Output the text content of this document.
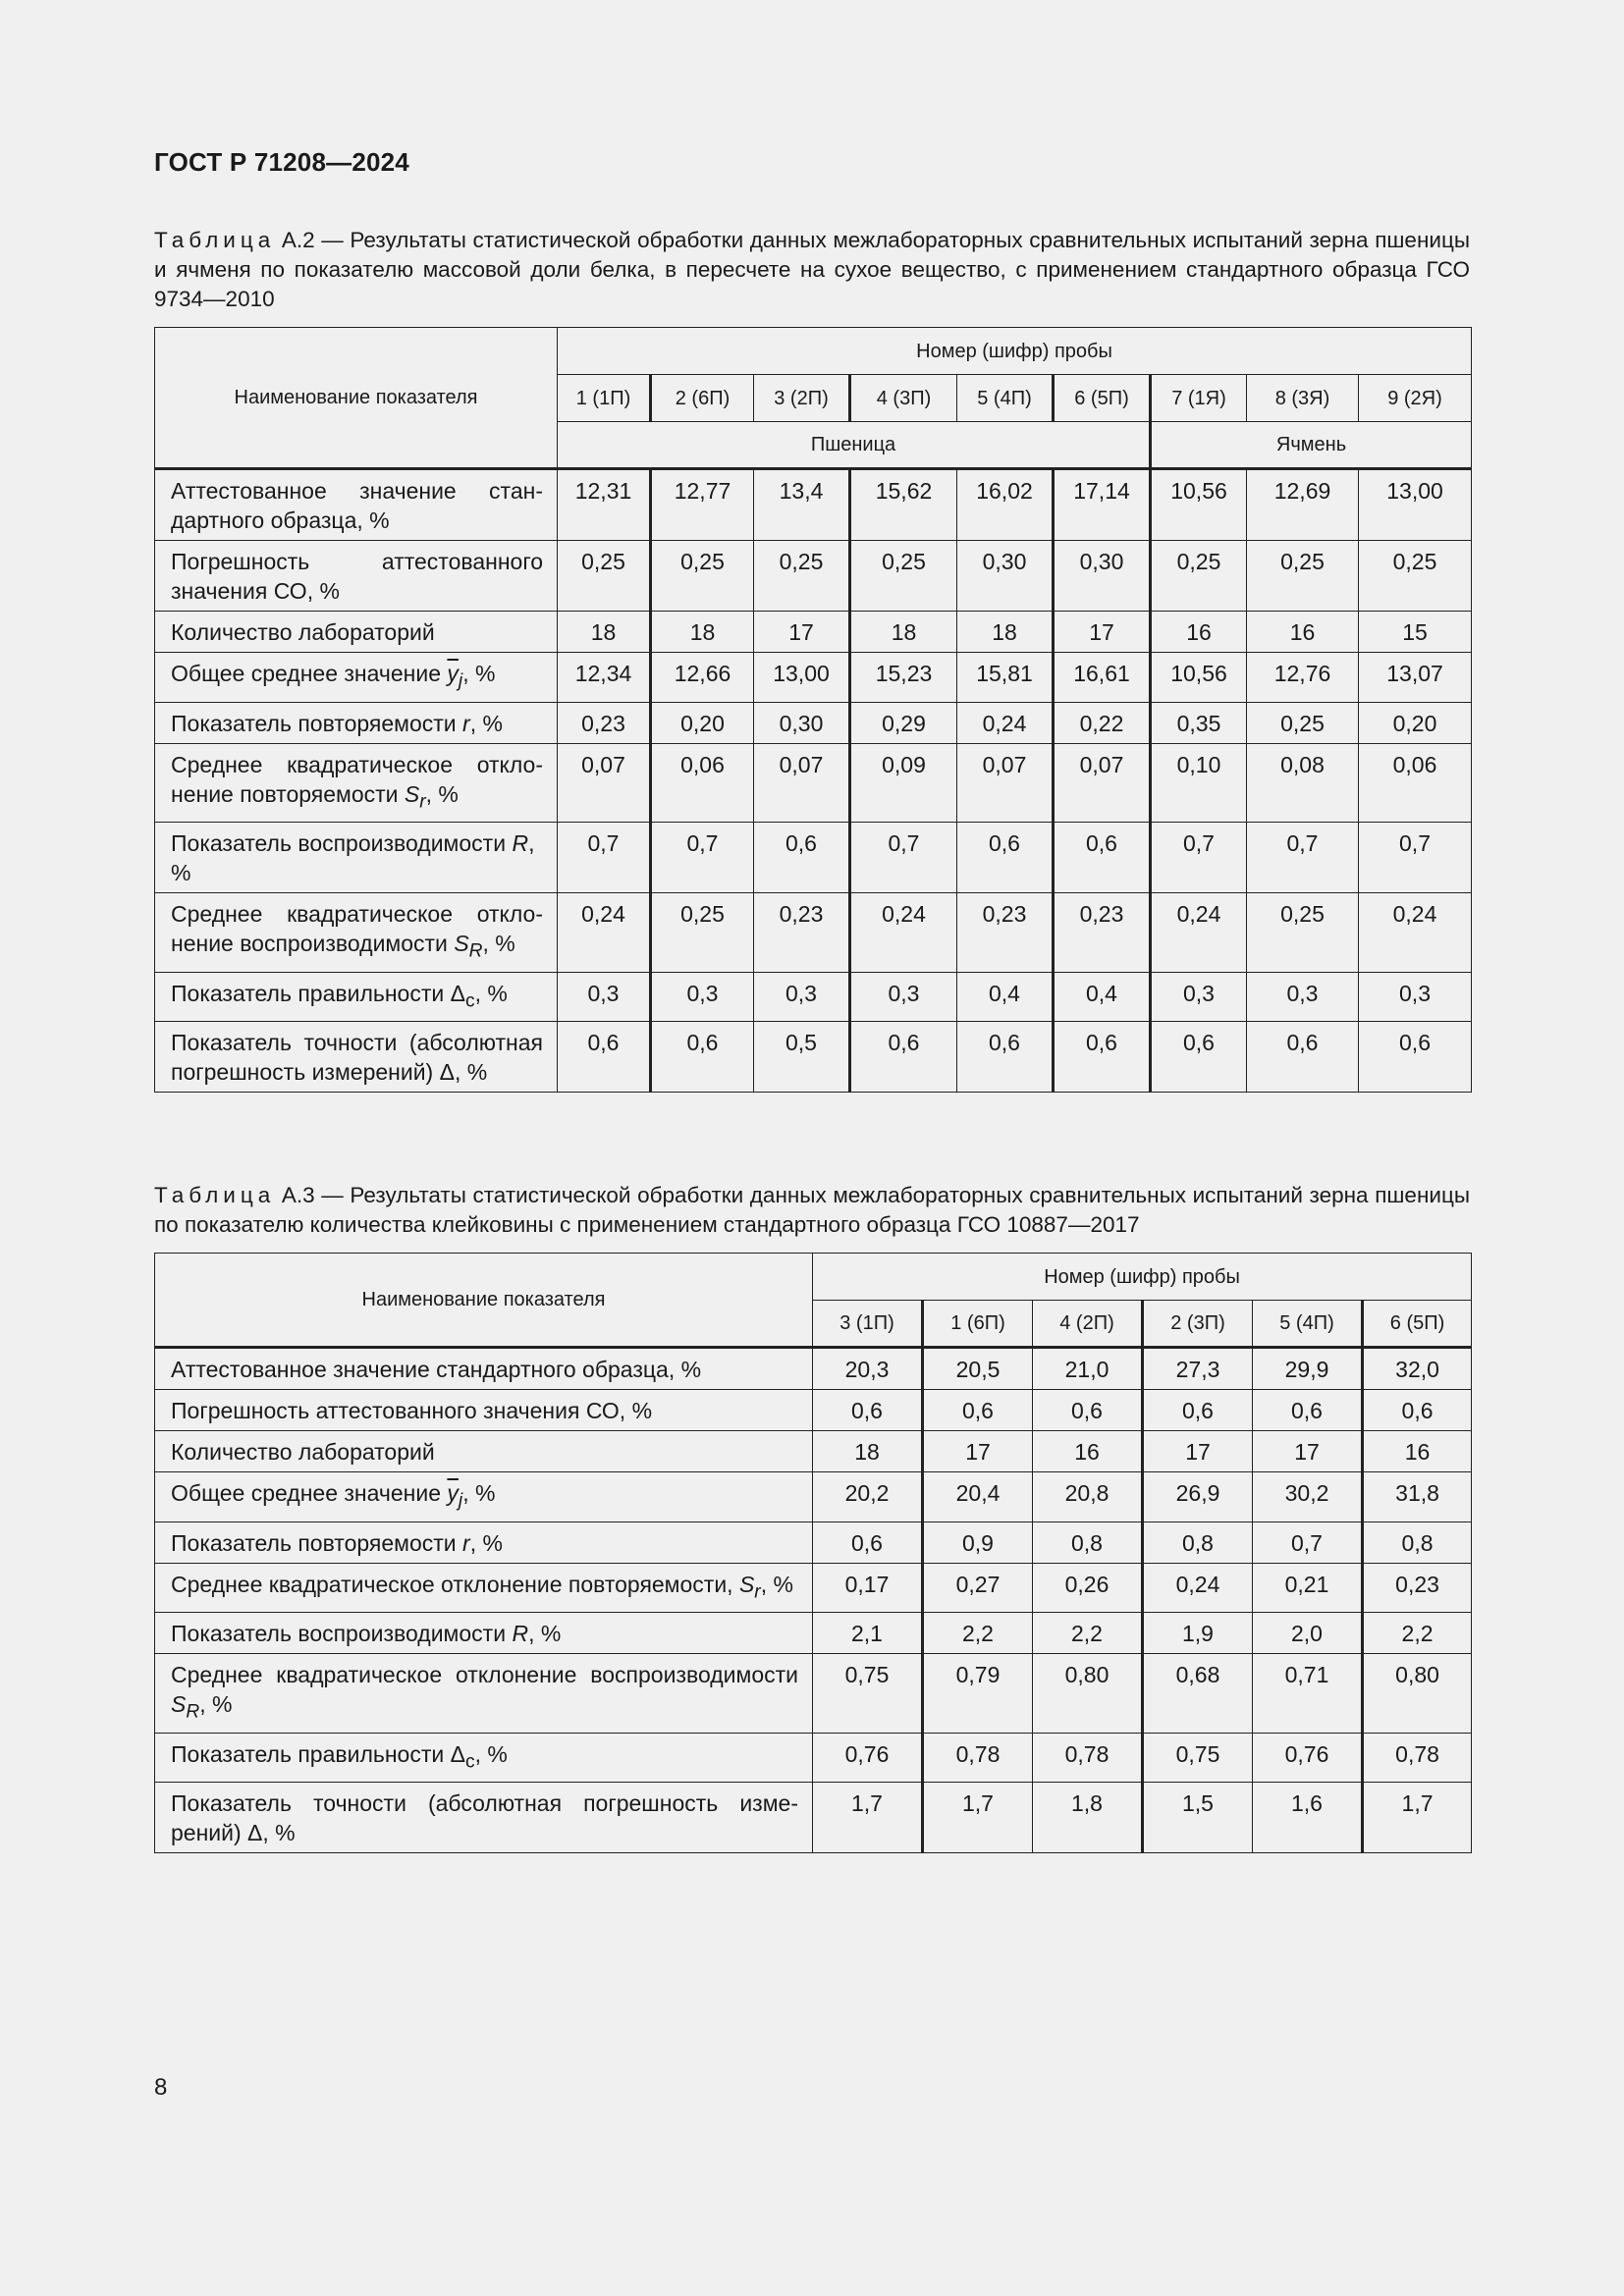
ГОСТ Р 71208—2024
Таблица А.2 — Результаты статистической обработки данных межлабораторных сравнительных испытаний зерна пшеницы и ячменя по показателю массовой доли белка, в пересчете на сухое вещество, с применением стандартного образца ГСО 9734—2010
Наименование показателя	Номер (шифр) пробы								
	1 (1П)	2 (6П)	3 (2П)	4 (3П)	5 (4П)	6 (5П)	7 (1Я)	8 (3Я)	9 (2Я)
	Пшеница						Ячмень		
Аттестованное значение стандартного образца, %	12,31	12,77	13,4	15,62	16,02	17,14	10,56	12,69	13,00
Погрешность аттестованного значения СО, %	0,25	0,25	0,25	0,25	0,30	0,30	0,25	0,25	0,25
Количество лабораторий	18	18	17	18	18	17	16	16	15
Общее среднее значение $\overline{y}_j$, %	12,34	12,66	13,00	15,23	15,81	16,61	10,56	12,76	13,07
Показатель повторяемости r, %	0,23	0,20	0,30	0,29	0,24	0,22	0,35	0,25	0,20
Среднее квадратическое отклонение повторяемости $S_r$, %	0,07	0,06	0,07	0,09	0,07	0,07	0,10	0,08	0,06
Показатель воспроизводимости R, %	0,7	0,7	0,6	0,7	0,6	0,6	0,7	0,7	0,7
Среднее квадратическое отклонение воспроизводимости $S_R$, %	0,24	0,25	0,23	0,24	0,23	0,23	0,24	0,25	0,24
Показатель правильности $\Delta_c$, %	0,3	0,3	0,3	0,3	0,4	0,4	0,3	0,3	0,3
Показатель точности (абсолютная погрешность измерений) Δ, %	0,6	0,6	0,5	0,6	0,6	0,6	0,6	0,6	0,6
Таблица А.3 — Результаты статистической обработки данных межлабораторных сравнительных испытаний зерна пшеницы по показателю количества клейковины с применением стандартного образца ГСО 10887—2017
Наименование показателя	Номер (шифр) пробы					
	3 (1П)	1 (6П)	4 (2П)	2 (3П)	5 (4П)	6 (5П)
Аттестованное значение стандартного образца, %	20,3	20,5	21,0	27,3	29,9	32,0
Погрешность аттестованного значения СО, %	0,6	0,6	0,6	0,6	0,6	0,6
Количество лабораторий	18	17	16	17	17	16
Общее среднее значение $\overline{y}_j$, %	20,2	20,4	20,8	26,9	30,2	31,8
Показатель повторяемости r, %	0,6	0,9	0,8	0,8	0,7	0,8
Среднее квадратическое отклонение повторяемости, $S_r$, %	0,17	0,27	0,26	0,24	0,21	0,23
Показатель воспроизводимости R, %	2,1	2,2	2,2	1,9	2,0	2,2
Среднее квадратическое отклонение воспроизводимости $S_R$, %	0,75	0,79	0,80	0,68	0,71	0,80
Показатель правильности $\Delta_c$, %	0,76	0,78	0,78	0,75	0,76	0,78
Показатель точности (абсолютная погрешность измерений) Δ, %	1,7	1,7	1,8	1,5	1,6	1,7
8
